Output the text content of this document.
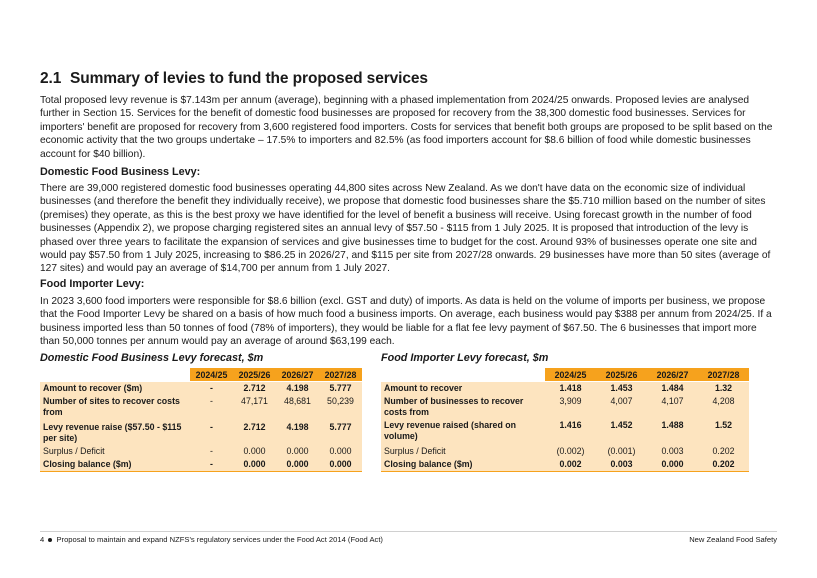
2.1 Summary of levies to fund the proposed services

Total proposed levy revenue is $7.143m per annum (average), beginning with a phased implementation from 2024/25 onwards. Proposed levies are analysed further in Section 15. Services for the benefit of domestic food businesses are proposed for recovery from the 38,300 domestic food businesses. Services for importers' benefit are proposed for recovery from 3,600 registered food importers. Costs for services that benefit both groups are proposed to be split based on the economic activity that the two groups undertake – 17.5% to importers and 82.5% (as food importers account for $8.6 billion of food while domestic businesses account for $40 billion).

Domestic Food Business Levy:

There are 39,000 registered domestic food businesses operating 44,800 sites across New Zealand. As we don't have data on the economic size of individual businesses (and therefore the benefit they individually receive), we propose that domestic food businesses share the $5.710 million based on the number of sites (premises) they operate, as this is the best proxy we have identified for the level of benefit a business will receive. Using forecast growth in the number of food businesses (Appendix 2), we propose charging registered sites an annual levy of $57.50 - $115 from 1 July 2025. It is proposed that introduction of the levy is phased over three years to facilitate the expansion of services and give businesses time to budget for the cost. Around 93% of businesses operate one site and would pay $57.50 from 1 July 2025, increasing to $86.25 in 2026/27, and $115 per site from 2027/28 onwards. 29 businesses have more than 50 sites (average of 127 sites) and would pay an average of $14,700 per annum from 1 July 2027.

Food Importer Levy:

In 2023 3,600 food importers were responsible for $8.6 billion (excl. GST and duty) of imports. As data is held on the volume of imports per business, we propose that the Food Importer Levy be shared on a basis of how much food a business imports. On average, each business would pay $388 per annum from 2024/25. If a business imported less than 50 tonnes of food (78% of importers), they would be liable for a flat fee levy payment of $67.50. The 6 businesses that import more than 50,000 tonnes per annum would pay an average of around $63,199 each.

Domestic Food Business Levy forecast, $m	Food Importer Levy forecast, $m
	2024/25	2025/26	2026/27	2027/28
Amount to recover ($m)	-	2.712	4.198	5.777
Number of sites to recover costs from	-	47,171	48,681	50,239
Levy revenue raise ($57.50 - $115 per site)	-	2.712	4.198	5.777
Surplus / Deficit	-	0.000	0.000	0.000
Closing balance ($m)	-	0.000	0.000	0.000
	2024/25	2025/26	2026/27	2027/28
Amount to recover	1.418	1.453	1.484	1.32
Number of businesses to recover costs from	3,909	4,007	4,107	4,208
Levy revenue raised (shared on volume)	1.416	1.452	1.488	1.52
Surplus / Deficit	(0.002)	(0.001)	0.003	0.202
Closing balance ($m)	0.002	0.003	0.000	0.202
4 Proposal to maintain and expand NZFS's regulatory services under the Food Act 2014 (Food Act)	New Zealand Food Safety
